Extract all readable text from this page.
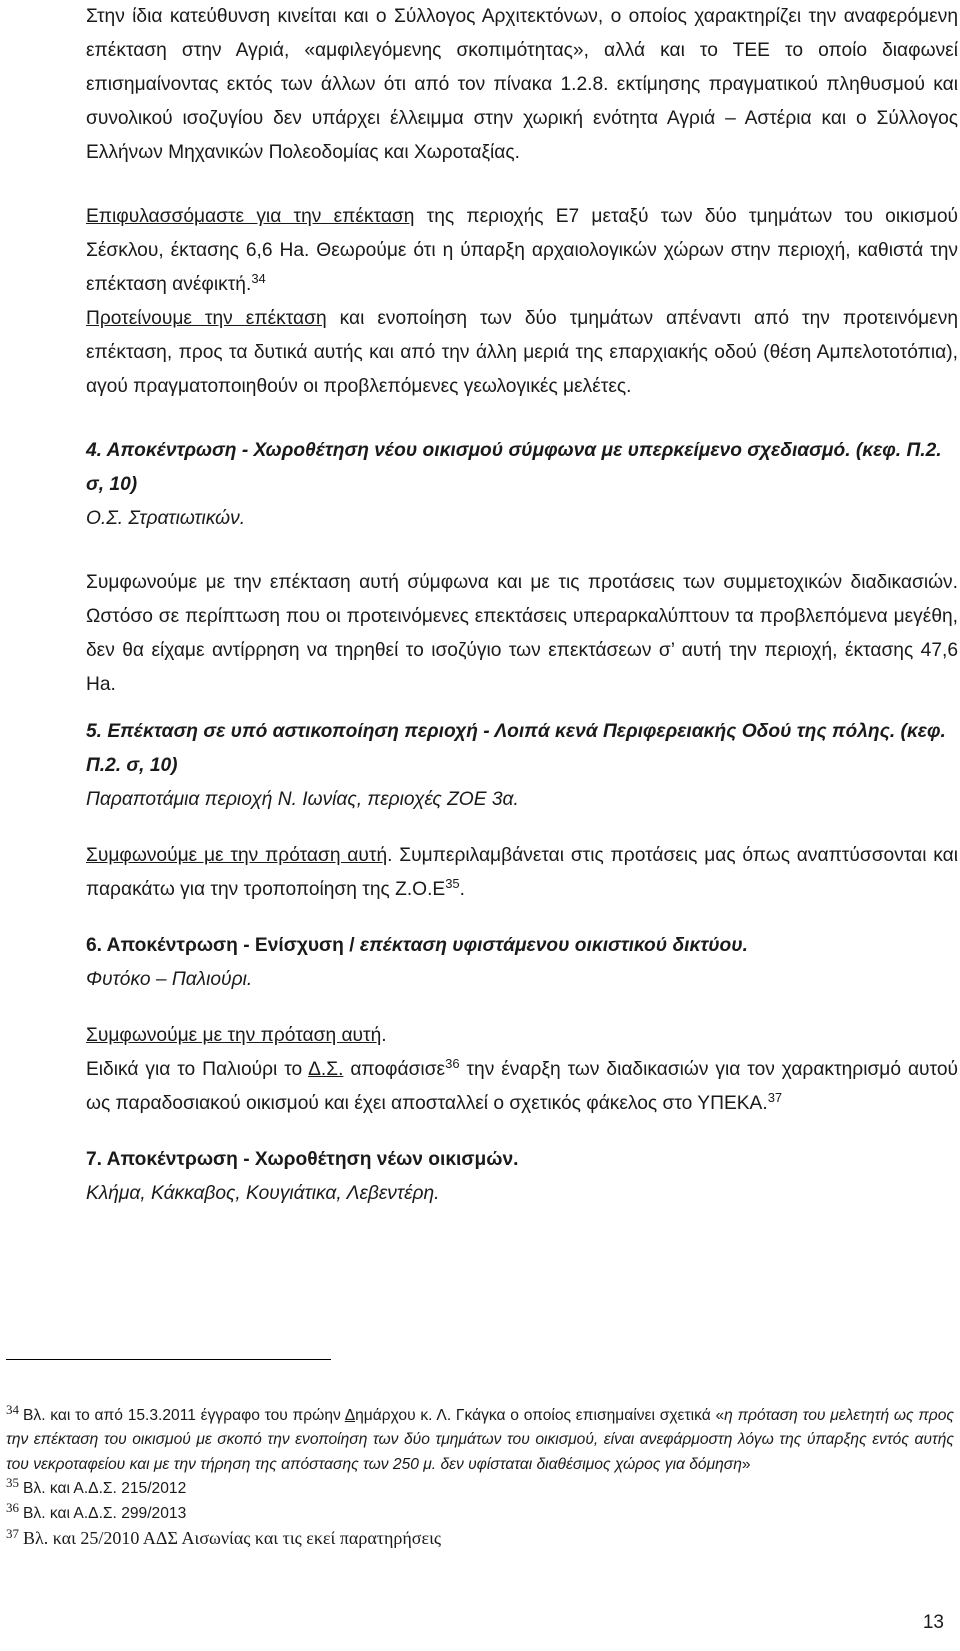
Στην ίδια κατεύθυνση κινείται και ο Σύλλογος Αρχιτεκτόνων, ο οποίος χαρακτηρίζει την αναφερόμενη επέκταση στην Αγριά, «αμφιλεγόμενης σκοπιμότητας», αλλά και το ΤΕΕ το οποίο διαφωνεί επισημαίνοντας εκτός των άλλων ότι από τον πίνακα 1.2.8. εκτίμησης πραγματικού πληθυσμού και συνολικού ισοζυγίου δεν υπάρχει έλλειμμα στην χωρική ενότητα Αγριά – Αστέρια και ο Σύλλογος Ελλήνων Μηχανικών Πολεοδομίας και Χωροταξίας.

Επιφυλασσόμαστε για την επέκταση της περιοχής Ε7 μεταξύ των δύο τμημάτων του οικισμού Σέσκλου, έκτασης 6,6 Ha. Θεωρούμε ότι η ύπαρξη αρχαιολογικών χώρων στην περιοχή, καθιστά την επέκταση ανέφικτή.$^{34}$

Προτείνουμε την επέκταση και ενοποίηση των δύο τμημάτων απέναντι από την προτεινόμενη επέκταση, προς τα δυτικά αυτής και από την άλλη μεριά της επαρχιακής οδού (θέση Αμπελοτοτόπια), αγού πραγματοποιηθούν οι προβλεπόμενες γεωλογικές μελέτες.

4. Αποκέντρωση - Χωροθέτηση νέου οικισμού σύμφωνα με υπερκείμενο σχεδιασμό. (κεφ. Π.2. σ, 10)

Ο.Σ. Στρατιωτικών.

Συμφωνούμε με την επέκταση αυτή σύμφωνα και με τις προτάσεις των συμμετοχικών διαδικασιών. Ωστόσο σε περίπτωση που οι προτεινόμενες επεκτάσεις υπεραρκαλύπτουν τα προβλεπόμενα μεγέθη, δεν θα είχαμε αντίρρηση να τηρηθεί το ισοζύγιο των επεκτάσεων σ’ αυτή την περιοχή, έκτασης 47,6 Ha.

5. Επέκταση σε υπό αστικοποίηση περιοχή - Λοιπά κενά Περιφερειακής Οδού της πόλης. (κεφ. Π.2. σ, 10)

Παραποτάμια περιοχή Ν. Ιωνίας, περιοχές ΖΟΕ 3α.

Συμφωνούμε με την πρόταση αυτή. Συμπεριλαμβάνεται στις προτάσεις μας όπως αναπτύσσονται και παρακάτω για την τροποποίηση της $Z.O.E^{35}$.

6. Αποκέντρωση - Ενίσχυση / επέκταση υφιστάμενου οικιστικού δικτύου.

Φυτόκο – Παλιούρι.

Συμφωνούμε με την πρόταση αυτή.

Ειδικά για το Παλιούρι το Δ.Σ. αποφάσισε$^{36}$ την έναρξη των διαδικασιών για τον χαρακτηρισμό αυτού ως παραδοσιακού οικισμού και έχει αποσταλλεί ο σχετικός φάκελος στο ΥΠΕΚΑ.$^{37}$

7. Αποκέντρωση - Χωροθέτηση νέων οικισμών.

Κλήμα, Κάκκαβος, Κουγιάτικα, Λεβεντέρη.

$^{34}$ Βλ. και το από 15.3.2011 έγγραφο του πρώην Δημάρχου κ. Λ. Γκάγκα ο οποίος επισημαίνει σχετικά «η πρόταση του μελετητή ως προς την επέκταση του οικισμού με σκοπό την ενοποίηση των δύο τμημάτων του οικισμού, είναι ανεφάρμοστη λόγω της ύπαρξης εντός αυτής του νεκροταφείου και με την τήρηση της απόστασης των 250 μ. δεν υφίσταται διαθέσιμος χώρος για δόμηση»

$^{35}$ Βλ. και Α.Δ.Σ. 215/2012

$^{36}$ Βλ. και Α.Δ.Σ. 299/2013

$^{37}$ Βλ. και 25/2010 ΑΔΣ Αισωνίας και τις εκεί παρατηρήσεις

13
